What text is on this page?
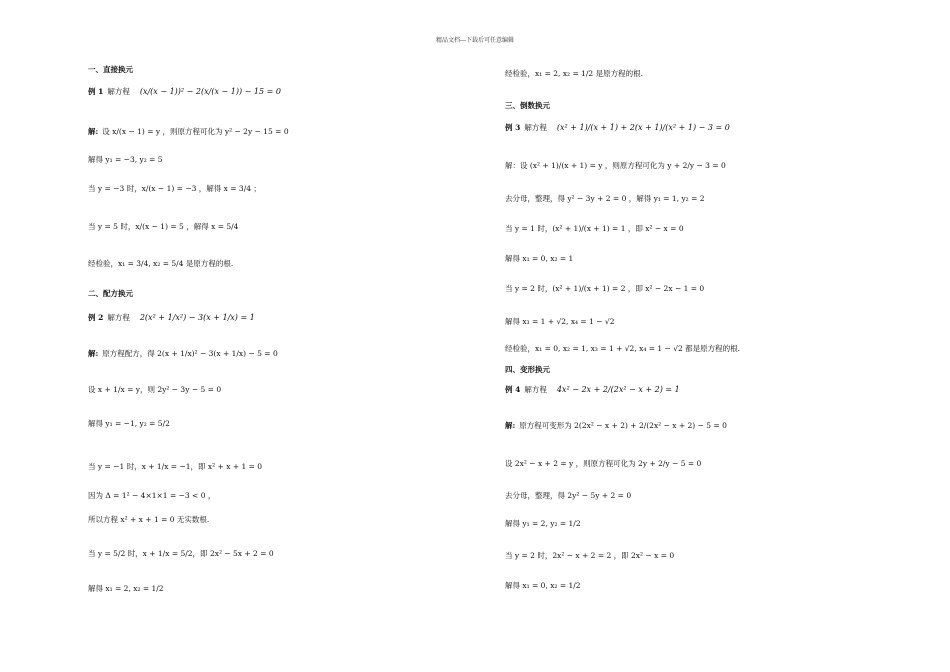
精品文档---下载后可任意编辑
一、直接换元
例 1 解方程 (x/(x − 1))² − 2(x/(x − 1)) − 15 = 0
解: 设 x/(x − 1) = y ，则原方程可化为 y² − 2y − 15 = 0
解得 y₁ = −3, y₂ = 5
当 y = −3 时，x/(x − 1) = −3 ，解得 x = 3/4 ；
当 y = 5 时，x/(x − 1) = 5 ，解得 x = 5/4
经检验，x₁ = 3/4, x₂ = 5/4 是原方程的根.
二、配方换元
例 2 解方程 2(x² + 1/x²) − 3(x + 1/x) = 1
解: 原方程配方，得 2(x + 1/x)² − 3(x + 1/x) − 5 = 0
设 x + 1/x = y，则 2y² − 3y − 5 = 0
解得 y₁ = −1, y₂ = 5/2
当 y = −1 时，x + 1/x = −1，即 x² + x + 1 = 0
因为 Δ = 1² − 4×1×1 = −3 < 0 ，
所以方程 x² + x + 1 = 0 无实数根.
当 y = 5/2 时，x + 1/x = 5/2，即 2x² − 5x + 2 = 0
解得 x₁ = 2, x₂ = 1/2
经检验，x₁ = 2, x₂ = 1/2 是原方程的根.
三、倒数换元
例 3 解方程 (x² + 1)/(x + 1) + 2(x + 1)/(x² + 1) − 3 = 0
解：设 (x² + 1)/(x + 1) = y ，则原方程可化为 y + 2/y − 3 = 0
去分母，整理，得 y² − 3y + 2 = 0 ，解得 y₁ = 1, y₂ = 2
当 y = 1 时，(x² + 1)/(x + 1) = 1 ，即 x² − x = 0
解得 x₁ = 0, x₂ = 1
当 y = 2 时，(x² + 1)/(x + 1) = 2 ，即 x² − 2x − 1 = 0
解得 x₃ = 1 + √2, x₄ = 1 − √2
经检验，x₁ = 0, x₂ = 1, x₃ = 1 + √2, x₄ = 1 − √2 都是原方程的根.
四、变形换元
例 4 解方程 4x² − 2x + 2/(2x² − x + 2) = 1
解: 原方程可变形为 2(2x² − x + 2) + 2/(2x² − x + 2) − 5 = 0
设 2x² − x + 2 = y ，则原方程可化为 2y + 2/y − 5 = 0
去分母，整理，得 2y² − 5y + 2 = 0
解得 y₁ = 2, y₂ = 1/2
当 y = 2 时，2x² − x + 2 = 2 ，即 2x² − x = 0
解得 x₁ = 0, x₂ = 1/2
